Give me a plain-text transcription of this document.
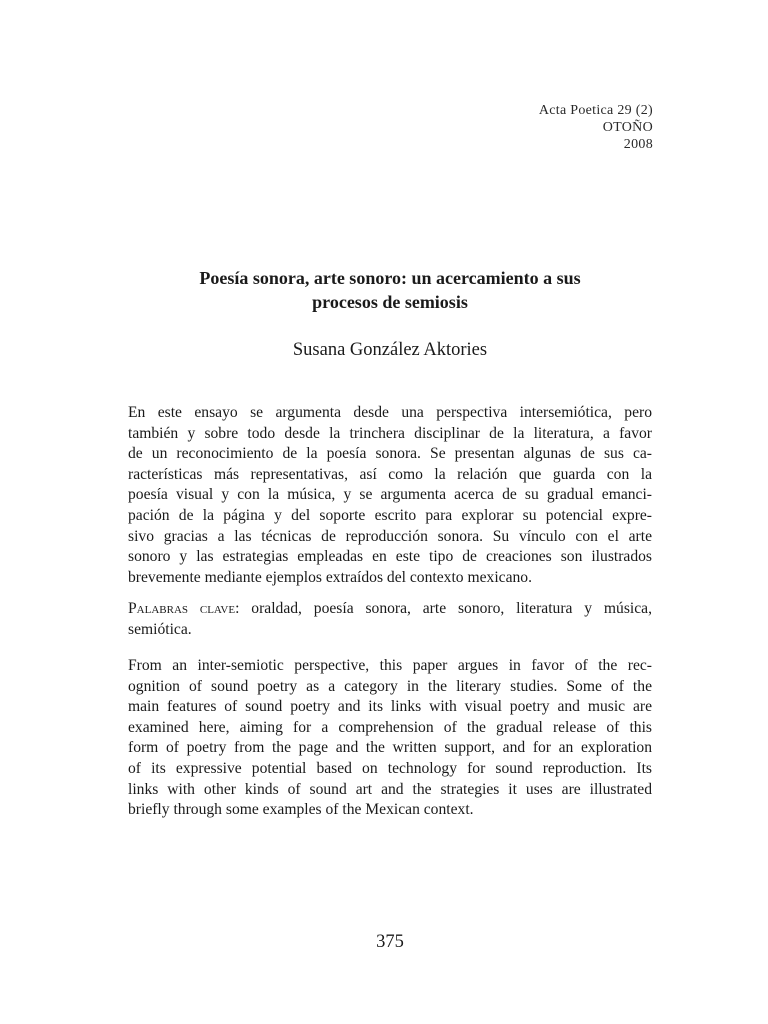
Acta Poetica 29 (2)
OTOÑO
2008
Poesía sonora, arte sonoro: un acercamiento a sus
procesos de semiosis

Susana González Aktories

En este ensayo se argumenta desde una perspectiva intersemiótica, pero
también y sobre todo desde la trinchera disciplinar de la literatura, a favor
de un reconocimiento de la poesía sonora. Se presentan algunas de sus ca-
racterísticas más representativas, así como la relación que guarda con la
poesía visual y con la música, y se argumenta acerca de su gradual emanci-
pación de la página y del soporte escrito para explorar su potencial expre-
sivo gracias a las técnicas de reproducción sonora. Su vínculo con el arte
sonoro y las estrategias empleadas en este tipo de creaciones son ilustrados
brevemente mediante ejemplos extraídos del contexto mexicano.
Palabras clave: oraldad, poesía sonora, arte sonoro, literatura y música,
semiótica.
From an inter-semiotic perspective, this paper argues in favor of the rec-
ognition of sound poetry as a category in the literary studies. Some of the
main features of sound poetry and its links with visual poetry and music are
examined here, aiming for a comprehension of the gradual release of this
form of poetry from the page and the written support, and for an exploration
of its expressive potential based on technology for sound reproduction. Its
links with other kinds of sound art and the strategies it uses are illustrated
briefly through some examples of the Mexican context.
375
